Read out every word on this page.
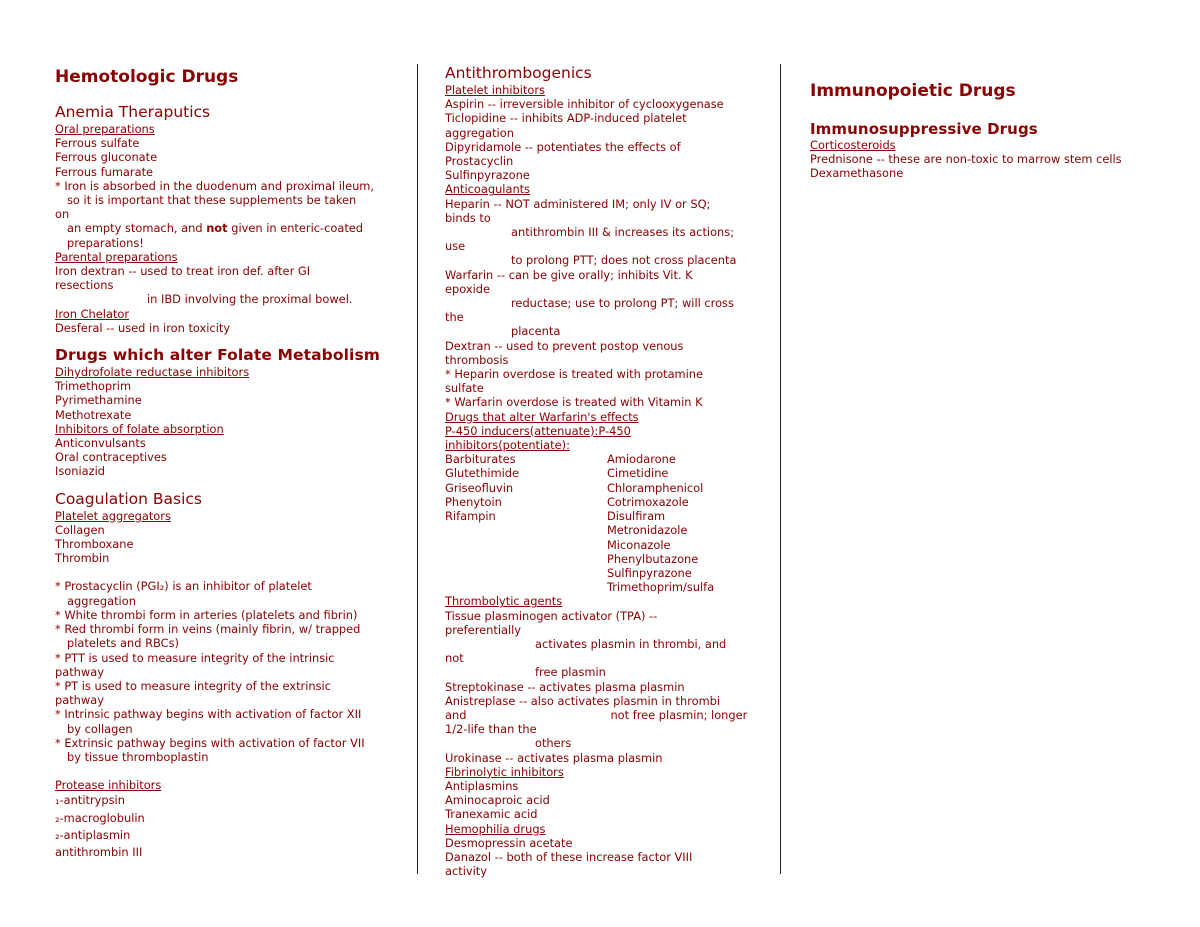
Hemotologic Drugs

Anemia Theraputics

Oral preparations

Ferrous sulfate

Ferrous gluconate

Ferrous fumarate

* Iron is absorbed in the duodenum and proximal ileum,

so it is important that these supplements be taken

on

an empty stomach, and not given in enteric-coated

preparations!

Parental preparations

Iron dextran -- used to treat iron def. after GI

resections

in IBD involving the proximal bowel.

Iron Chelator

Desferal -- used in iron toxicity

Drugs which alter Folate Metabolism

Dihydrofolate reductase inhibitors

Trimethoprim

Pyrimethamine

Methotrexate

Inhibitors of folate absorption

Anticonvulsants

Oral contraceptives

Isoniazid

Coagulation Basics

Platelet aggregators

Collagen

Thromboxane

Thrombin

* Prostacyclin (PGI₂) is an inhibitor of platelet

aggregation

* White thrombi form in arteries (platelets and fibrin)

* Red thrombi form in veins (mainly fibrin, w/ trapped

platelets and RBCs)

* PTT is used to measure integrity of the intrinsic

pathway

* PT is used to measure integrity of the extrinsic

pathway

* Intrinsic pathway begins with activation of factor XII

by collagen

* Extrinsic pathway begins with activation of factor VII

by tissue thromboplastin

Protease inhibitors

₁-antitrypsin

₂-macroglobulin

₂-antiplasmin

antithrombin III

Antithrombogenics

Platelet inhibitors

Aspirin -- irreversible inhibitor of cyclooxygenase

Ticlopidine -- inhibits ADP-induced platelet

aggregation

Dipyridamole -- potentiates the effects of

Prostacyclin

Sulfinpyrazone

Anticoagulants

Heparin -- NOT administered IM; only IV or SQ;

binds to

antithrombin III & increases its actions;

use

to prolong PTT; does not cross placenta

Warfarin -- can be give orally; inhibits Vit. K

epoxide

reductase; use to prolong PT; will cross

the

placenta

Dextran -- used to prevent postop venous

thrombosis

* Heparin overdose is treated with protamine

sulfate

* Warfarin overdose is treated with Vitamin K

Drugs that alter Warfarin's effects

P-450 inducers(attenuate):P-450

inhibitors(potentiate):

Barbiturates

Glutethimide

Griseofluvin

Phenytoin

Rifampin

Amiodarone

Cimetidine

Chloramphenicol

Cotrimoxazole

Disulfiram

Metronidazole

Miconazole

Phenylbutazone

Sulfinpyrazone

Trimethoprim/sulfa

Thrombolytic agents

Tissue plasminogen activator (TPA) --

preferentially

activates plasmin in thrombi, and

not

free plasmin

Streptokinase -- activates plasma plasmin

Anistreplase -- also activates plasmin in thrombi

and	not free plasmin; longer

1/2-life than the

others

Urokinase -- activates plasma plasmin

Fibrinolytic inhibitors

Antiplasmins

Aminocaproic acid

Tranexamic acid

Hemophilia drugs

Desmopressin acetate

Danazol -- both of these increase factor VIII

activity

Immunopoietic Drugs

Immunosuppressive Drugs

Corticosteroids

Prednisone -- these are non-toxic to marrow stem cells

Dexamethasone
